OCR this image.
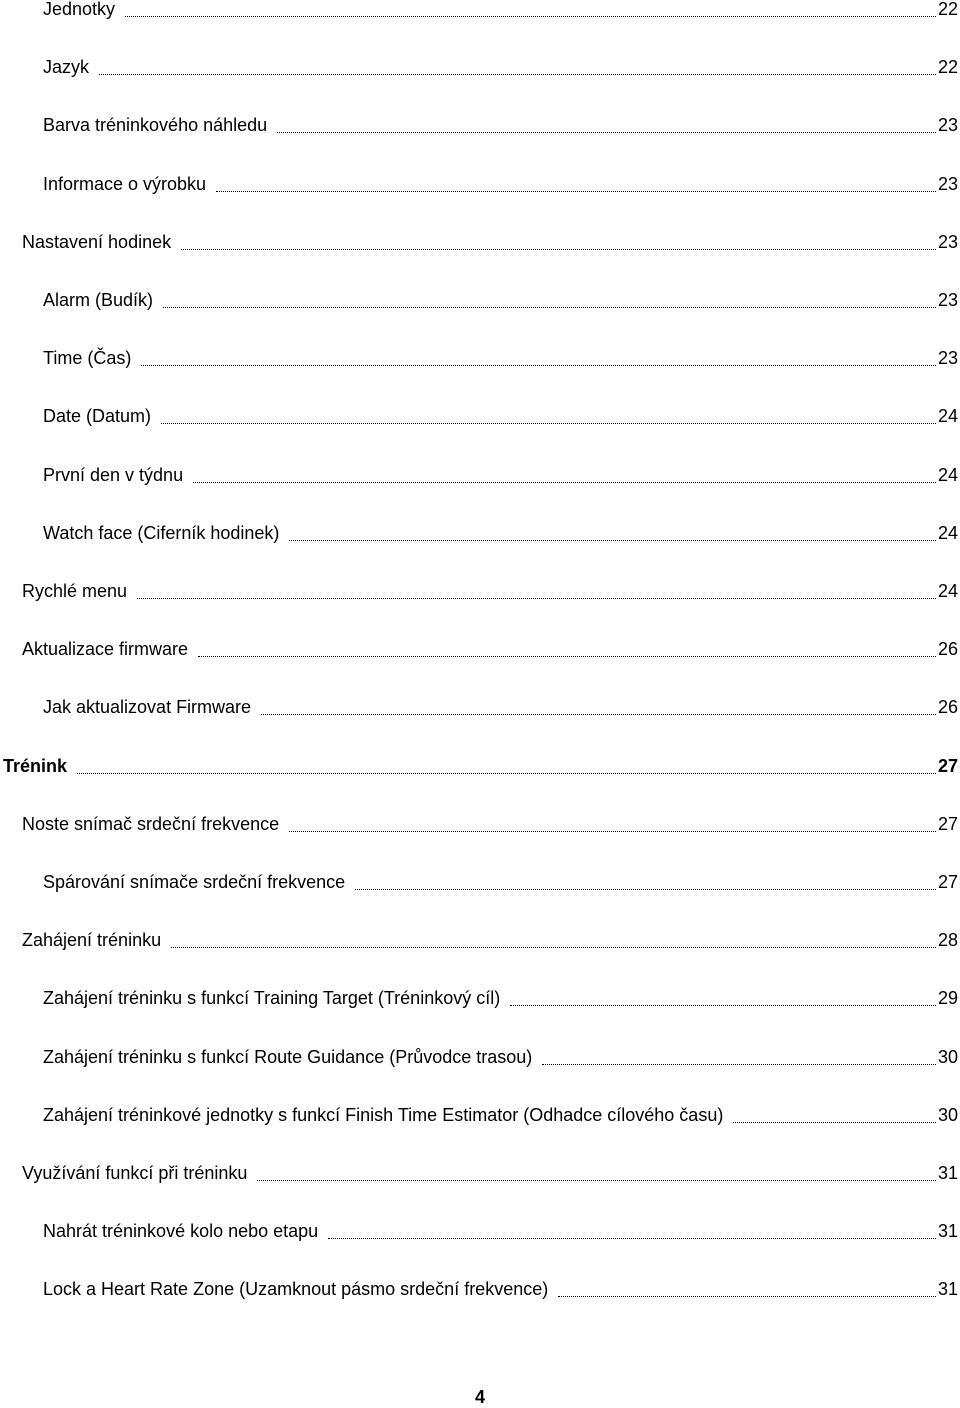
Jednotky	22
Jazyk	22
Barva tréninkového náhledu	23
Informace o výrobku	23
Nastavení hodinek	23
Alarm (Budík)	23
Time (Čas)	23
Date (Datum)	24
První den v týdnu	24
Watch face (Ciferník hodinek)	24
Rychlé menu	24
Aktualizace firmware	26
Jak aktualizovat Firmware	26
Trénink	27
Noste snímač srdeční frekvence	27
Spárování snímače srdeční frekvence	27
Zahájení tréninku	28
Zahájení tréninku s funkcí Training Target (Tréninkový cíl)	29
Zahájení tréninku s funkcí Route Guidance (Průvodce trasou)	30
Zahájení tréninkové jednotky s funkcí Finish Time Estimator (Odhadce cílového času)	30
Využívání funkcí při tréninku	31
Nahrát tréninkové kolo nebo etapu	31
Lock a Heart Rate Zone (Uzamknout pásmo srdeční frekvence)	31
4
